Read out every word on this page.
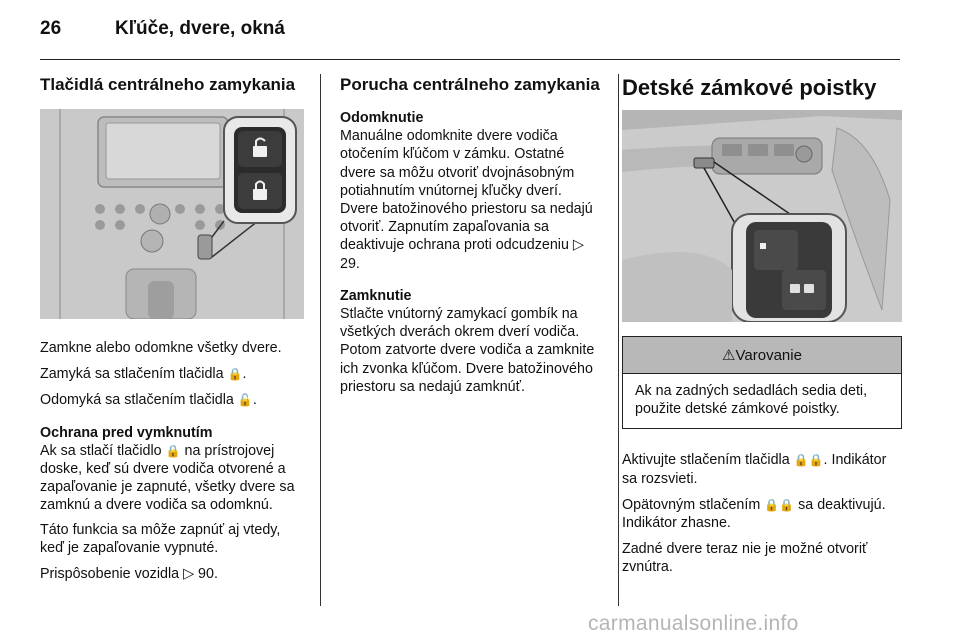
26	Kľúče, dvere, okná
Tlačidlá centrálneho zamykania

Zamkne alebo odomkne všetky dvere.

Zamyká sa stlačením tlačidla 🔒.

Odomyká sa stlačením tlačidla 🔓.

Ochrana pred vymknutím

Ak sa stlačí tlačidlo 🔒 na prístrojovej doske, keď sú dvere vodiča otvorené a zapaľovanie je zapnuté, všetky dvere sa zamknú a dvere vodiča sa odomknú.

Táto funkcia sa môže zapnúť aj vtedy, keď je zapaľovanie vypnuté.

Prispôsobenie vozidla ▷ 90.

Porucha centrálneho zamykania
Odomknutie

Manuálne odomknite dvere vodiča otočením kľúčom v zámku. Ostatné dvere sa môžu otvoriť dvojnásobným potiahnutím vnútornej kľučky dverí. Dvere batožinového priestoru sa nedajú otvoriť. Zapnutím zapaľovania sa deaktivuje ochrana proti odcudzeniu ▷ 29.

Zamknutie

Stlačte vnútorný zamykací gombík na všetkých dverách okrem dverí vodiča. Potom zatvorte dvere vodiča a zamknite ich zvonka kľúčom. Dvere batožinového priestoru sa nedajú zamknúť.

Detské zámkové poistky
⚠ Varovanie

Ak na zadných sedadlách sedia deti, použite detské zámkové poistky.

Aktivujte stlačením tlačidla 🔒🔒. Indikátor sa rozsvieti.

Opätovným stlačením 🔒🔒 sa deaktivujú. Indikátor zhasne.

Zadné dvere teraz nie je možné otvoriť zvnútra.

carmanualsonline.info
